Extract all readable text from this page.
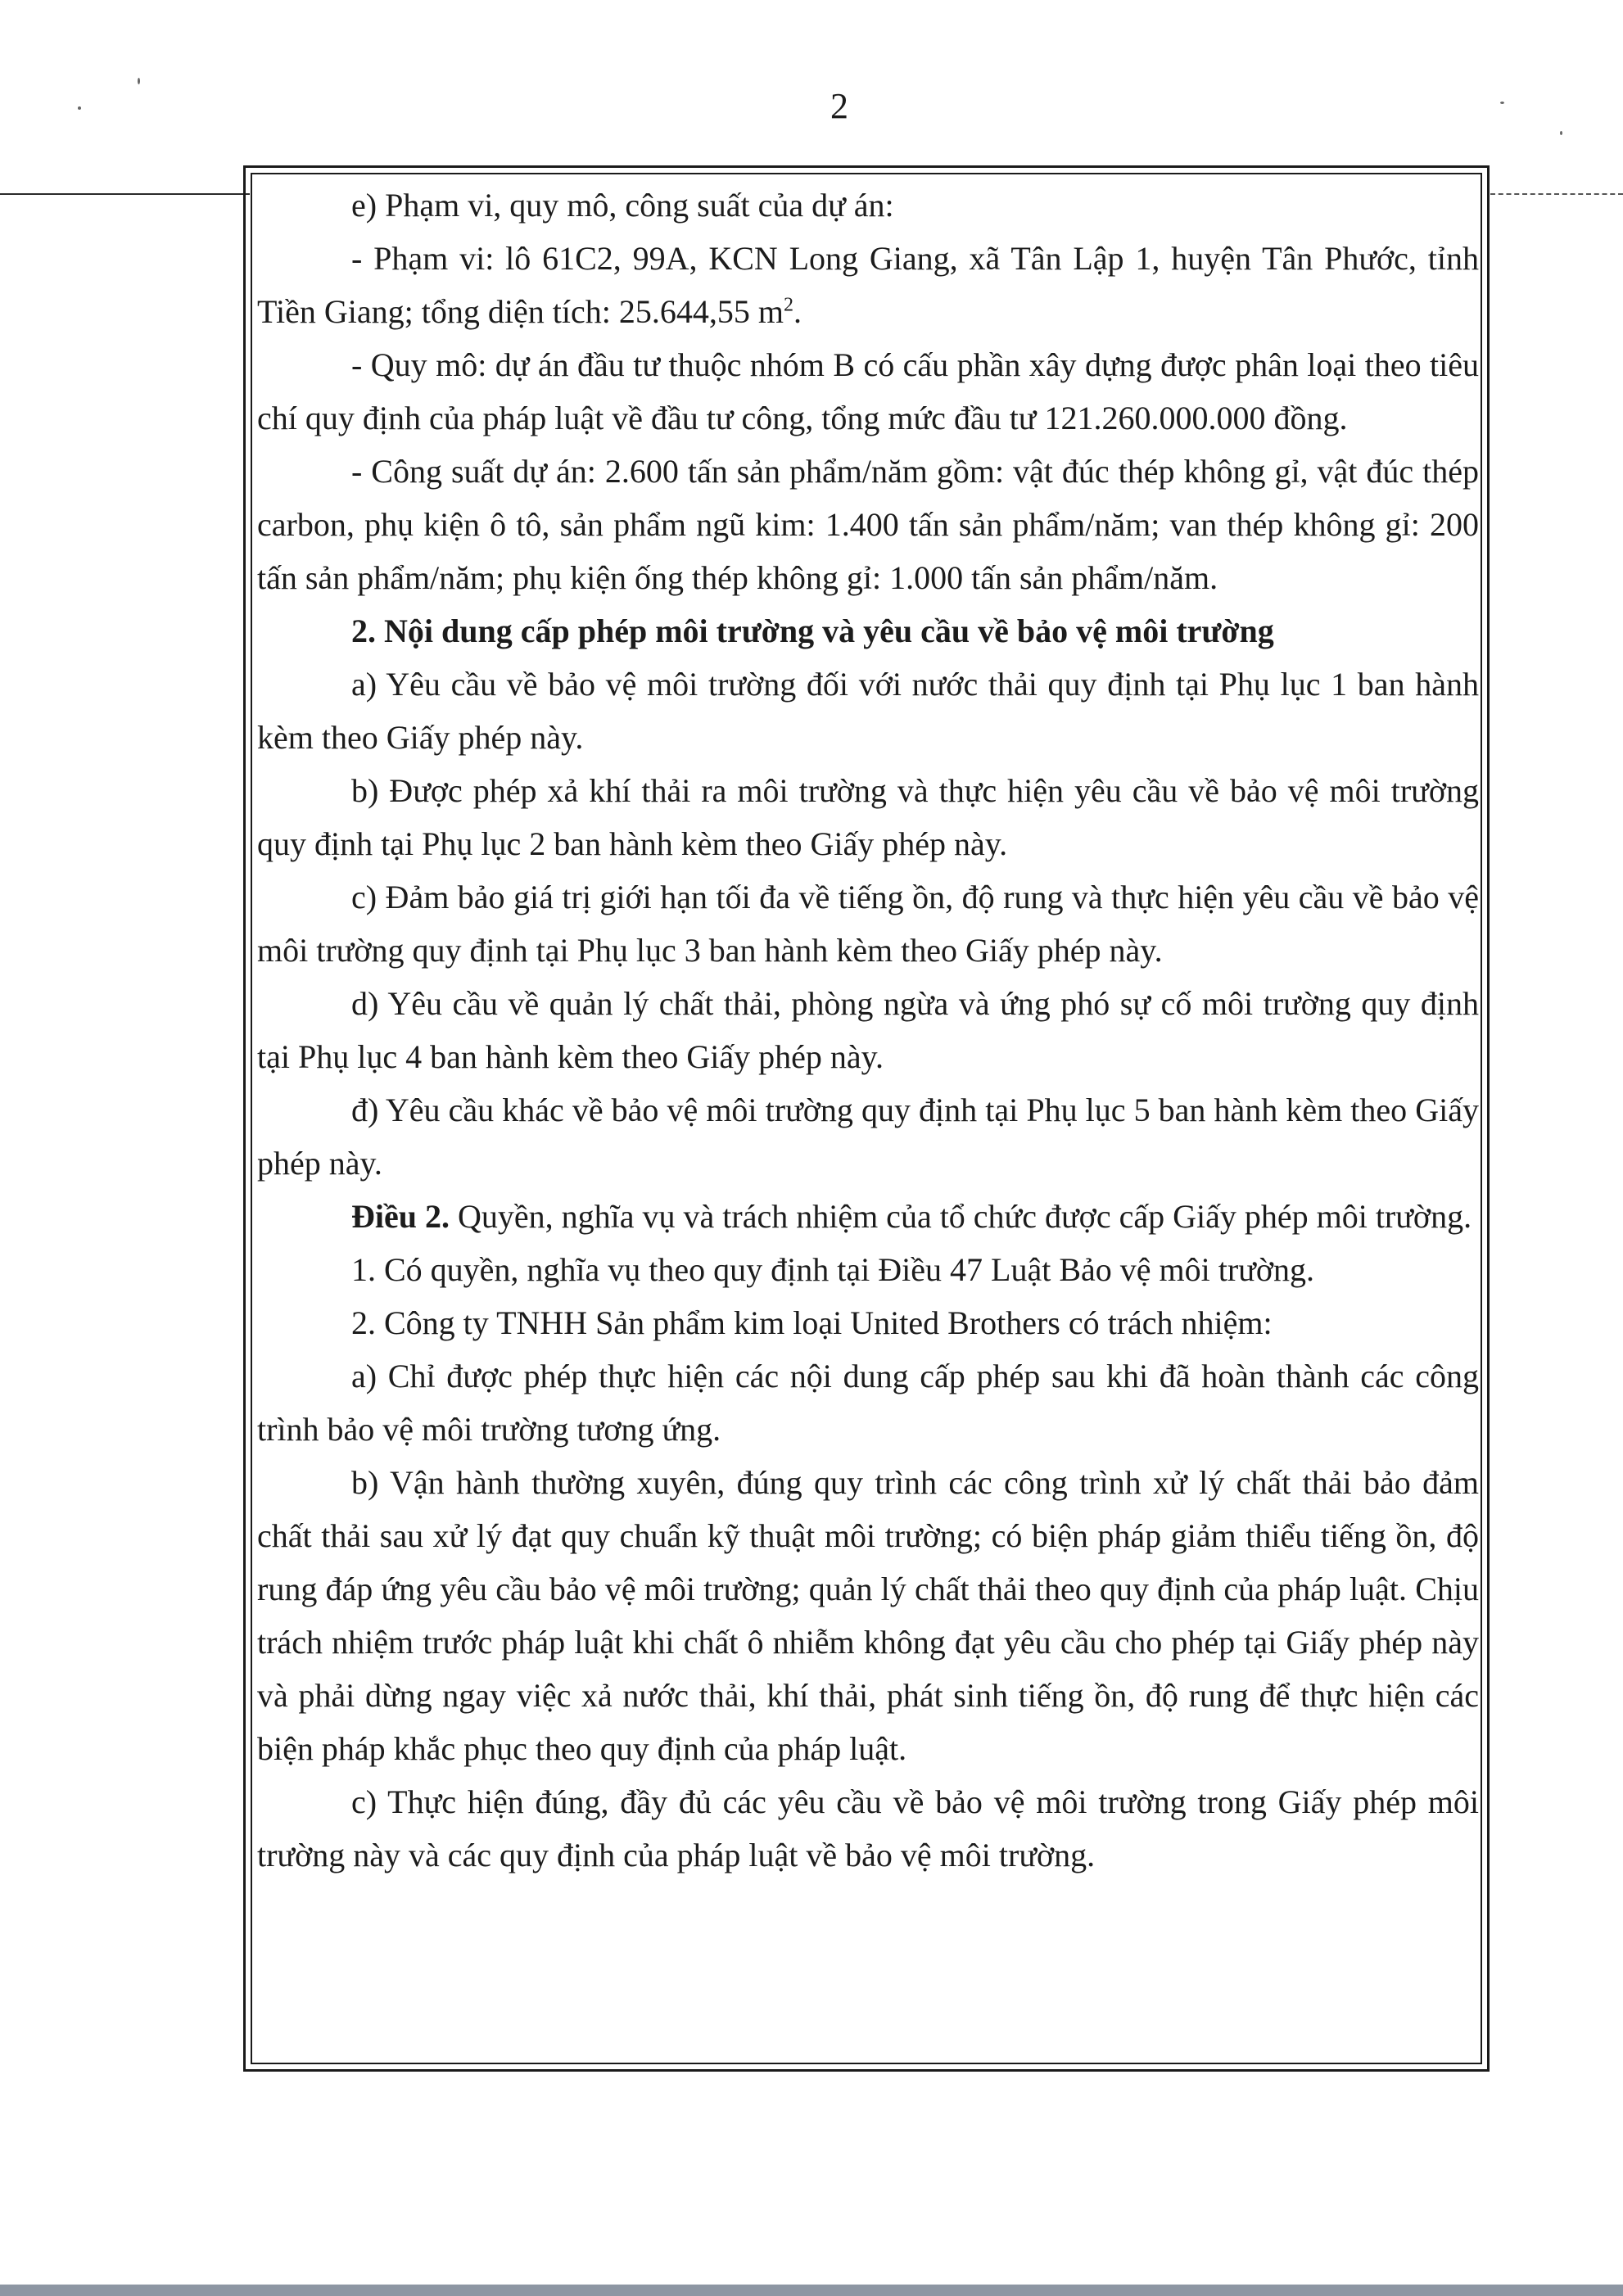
2

e) Phạm vi, quy mô, công suất của dự án:

- Phạm vi: lô 61C2, 99A, KCN Long Giang, xã Tân Lập 1, huyện Tân Phước, tỉnh Tiền Giang; tổng diện tích: 25.644,55 $m^2$.

- Quy mô: dự án đầu tư thuộc nhóm B có cấu phần xây dựng được phân loại theo tiêu chí quy định của pháp luật về đầu tư công, tổng mức đầu tư 121.260.000.000 đồng.

- Công suất dự án: 2.600 tấn sản phẩm/năm gồm: vật đúc thép không gỉ, vật đúc thép carbon, phụ kiện ô tô, sản phẩm ngũ kim: 1.400 tấn sản phẩm/năm; van thép không gỉ: 200 tấn sản phẩm/năm; phụ kiện ống thép không gỉ: 1.000 tấn sản phẩm/năm.

2. Nội dung cấp phép môi trường và yêu cầu về bảo vệ môi trường

a) Yêu cầu về bảo vệ môi trường đối với nước thải quy định tại Phụ lục 1 ban hành kèm theo Giấy phép này.

b) Được phép xả khí thải ra môi trường và thực hiện yêu cầu về bảo vệ môi trường quy định tại Phụ lục 2 ban hành kèm theo Giấy phép này.

c) Đảm bảo giá trị giới hạn tối đa về tiếng ồn, độ rung và thực hiện yêu cầu về bảo vệ môi trường quy định tại Phụ lục 3 ban hành kèm theo Giấy phép này.

d) Yêu cầu về quản lý chất thải, phòng ngừa và ứng phó sự cố môi trường quy định tại Phụ lục 4 ban hành kèm theo Giấy phép này.

đ) Yêu cầu khác về bảo vệ môi trường quy định tại Phụ lục 5 ban hành kèm theo Giấy phép này.

Điều 2. Quyền, nghĩa vụ và trách nhiệm của tổ chức được cấp Giấy phép môi trường.

1. Có quyền, nghĩa vụ theo quy định tại Điều 47 Luật Bảo vệ môi trường.

2. Công ty TNHH Sản phẩm kim loại United Brothers có trách nhiệm:

a) Chỉ được phép thực hiện các nội dung cấp phép sau khi đã hoàn thành các công trình bảo vệ môi trường tương ứng.

b) Vận hành thường xuyên, đúng quy trình các công trình xử lý chất thải bảo đảm chất thải sau xử lý đạt quy chuẩn kỹ thuật môi trường; có biện pháp giảm thiểu tiếng ồn, độ rung đáp ứng yêu cầu bảo vệ môi trường; quản lý chất thải theo quy định của pháp luật. Chịu trách nhiệm trước pháp luật khi chất ô nhiễm không đạt yêu cầu cho phép tại Giấy phép này và phải dừng ngay việc xả nước thải, khí thải, phát sinh tiếng ồn, độ rung để thực hiện các biện pháp khắc phục theo quy định của pháp luật.

c) Thực hiện đúng, đầy đủ các yêu cầu về bảo vệ môi trường trong Giấy phép môi trường này và các quy định của pháp luật về bảo vệ môi trường.
